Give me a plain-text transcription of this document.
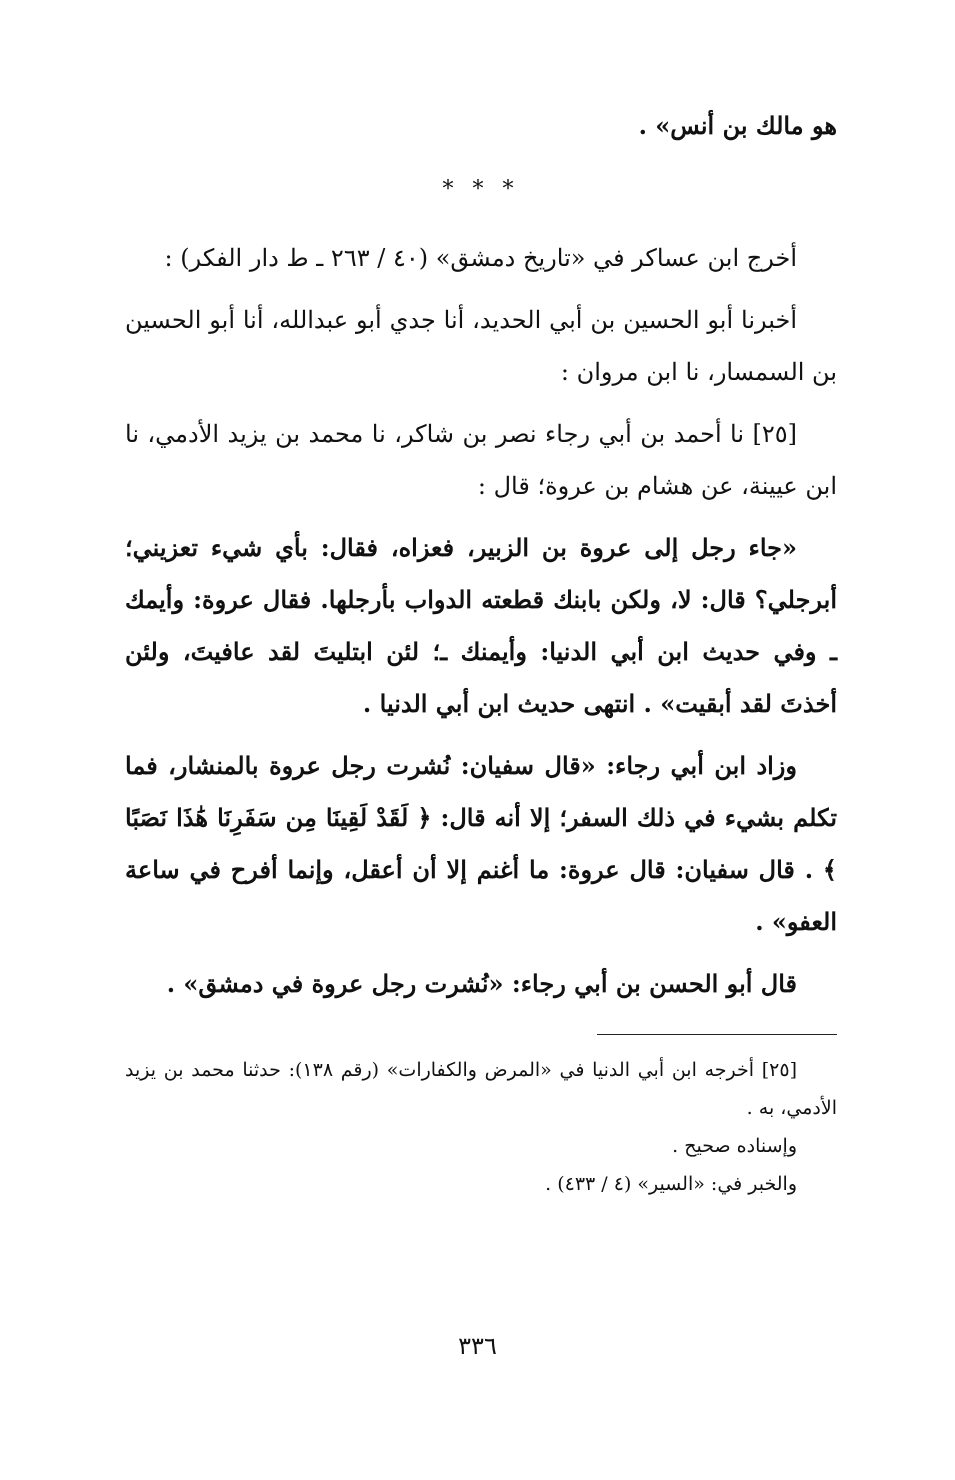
هو مالك بن أنس» .

* * *

أخرج ابن عساكر في «تاريخ دمشق» (٤٠ / ٢٦٣ ـ ط دار الفكر) :

أخبرنا أبو الحسين بن أبي الحديد، أنا جدي أبو عبدالله، أنا أبو الحسين بن السمسار، نا ابن مروان :

[٢٥] نا أحمد بن أبي رجاء نصر بن شاكر، نا محمد بن يزيد الأدمي، نا ابن عيينة، عن هشام بن عروة؛ قال :

«جاء رجل إلى عروة بن الزبير، فعزاه، فقال: بأي شيء تعزيني؛ أبرجلي؟ قال: لا، ولكن بابنك قطعته الدواب بأرجلها. فقال عروة: وأيمك ـ وفي حديث ابن أبي الدنيا: وأيمنك ـ؛ لئن ابتليتَ لقد عافيتَ، ولئن أخذتَ لقد أبقيت» . انتهى حديث ابن أبي الدنيا .

وزاد ابن أبي رجاء: «قال سفيان: نُشرت رجل عروة بالمنشار، فما تكلم بشيء في ذلك السفر؛ إلا أنه قال: ﴿ لَقَدْ لَقِينَا مِن سَفَرِنَا هَٰذَا نَصَبًا ﴾ . قال سفيان: قال عروة: ما أغنم إلا أن أعقل، وإنما أفرح في ساعة العفو» .

قال أبو الحسن بن أبي رجاء: «نُشرت رجل عروة في دمشق» .

[٢٥] أخرجه ابن أبي الدنيا في «المرض والكفارات» (رقم ١٣٨): حدثنا محمد بن يزيد الأدمي، به .

وإسناده صحيح .

والخبر في: «السير» (٤ / ٤٣٣) .

٣٣٦
